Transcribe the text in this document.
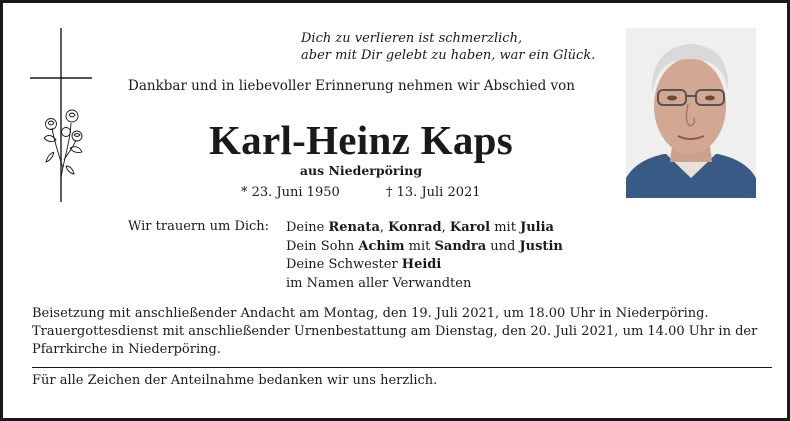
Dich zu verlieren ist schmerzlich,
aber mit Dir gelebt zu haben, war ein Glück.
Dankbar und in liebevoller Erinnerung nehmen wir Abschied von
Karl-Heinz Kaps
aus Niederpöring
* 23. Juni 1950	† 13. Juli 2021
Wir trauern um Dich: Deine Renata, Konrad, Karol mit Julia
Dein Sohn Achim mit Sandra und Justin
Deine Schwester Heidi
im Namen aller Verwandten
Beisetzung mit anschließender Andacht am Montag, den 19. Juli 2021, um 18.00 Uhr in Niederpöring. Trauergottesdienst mit anschließender Urnenbestattung am Dienstag, den 20. Juli 2021, um 14.00 Uhr in der Pfarrkirche in Niederpöring.
Für alle Zeichen der Anteilnahme bedanken wir uns herzlich.
